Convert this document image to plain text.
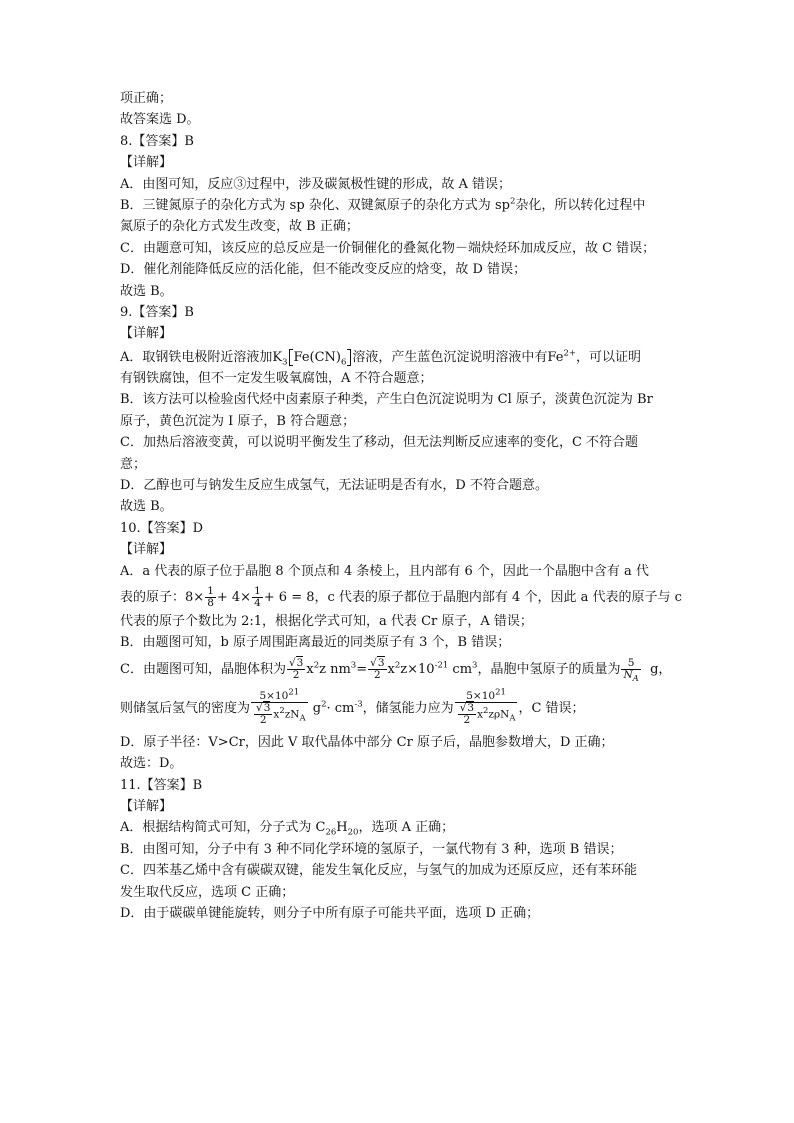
项正确；
故答案选 D。
8.【答案】B
【详解】
A．由图可知，反应③过程中，涉及碳氮极性键的形成，故 A 错误；
B．三键氮原子的杂化方式为 sp 杂化、双键氮原子的杂化方式为 $sp^2$杂化，所以转化过程中
氮原子的杂化方式发生改变，故 B 正确；
C．由题意可知，该反应的总反应是一价铜催化的叠氮化物－端炔烃环加成反应，故 C 错误；
D．催化剂能降低反应的活化能，但不能改变反应的焓变，故 D 错误；
故选 B。
9.【答案】B
【详解】
A．取钢铁电极附近溶液加$K_3$ $Fe(CN)_6$ 溶液，产生蓝色沉淀说明溶液中有$Fe^{2+}$，可以证明
有钢铁腐蚀，但不一定发生吸氧腐蚀，A 不符合题意；
B．该方法可以检验卤代烃中卤素原子种类，产生白色沉淀说明为 Cl 原子，淡黄色沉淀为 Br
原子，黄色沉淀为 I 原子，B 符合题意；
C．加热后溶液变黄，可以说明平衡发生了移动，但无法判断反应速率的变化，C 不符合题
意；
D．乙醇也可与钠发生反应生成氢气，无法证明是否有水，D 不符合题意。
故选 B。
10.【答案】D
【详解】
A．a 代表的原子位于晶胞 8 个顶点和 4 条棱上，且内部有 6 个，因此一个晶胞中含有 a 代
表的原子：$8\times \frac{1}{8} + 4\times \frac{1}{4} + 6 = 8$，c 代表的原子都位于晶胞内部有 4 个，因此 a 代表的原子与 c
代表的原子个数比为 2:1，根据化学式可知，a 代表 Cr 原子，A 错误；
B．由题图可知，b 原子周围距离最近的同类原子有 3 个，B 错误；
C．由题图可知，晶胞体积为 $\frac{√3}{2} x^2z$ $nm^3= \frac{√3}{2} x^2z\times 10^{-21}$ $cm^3$，晶胞中氢原子的质量为 $\frac{5}{N_A}$ g，
则储氢后氢气的密度为 $\frac{5\times 10^{21}}{\frac{√3}{2} x^2zN_A} g^2\cdot cm^{-3}$，储氢能力应为 $\frac{5\times 10^{21}}{\frac{√3}{2} x^2z\rho N_A}$ ，C 错误；
D．原子半径：V>Cr，因此 V 取代晶体中部分 Cr 原子后，晶胞参数增大，D 正确；
故选：D。
11.【答案】B
【详解】
A．根据结构简式可知，分子式为 $C_{26}H_{20}$，选项 A 正确；
B．由图可知，分子中有 3 种不同化学环境的氢原子，一氯代物有 3 种，选项 B 错误；
C．四苯基乙烯中含有碳碳双键，能发生氧化反应，与氢气的加成为还原反应，还有苯环能
发生取代反应，选项 C 正确；
D．由于碳碳单键能旋转，则分子中所有原子可能共平面，选项 D 正确；
